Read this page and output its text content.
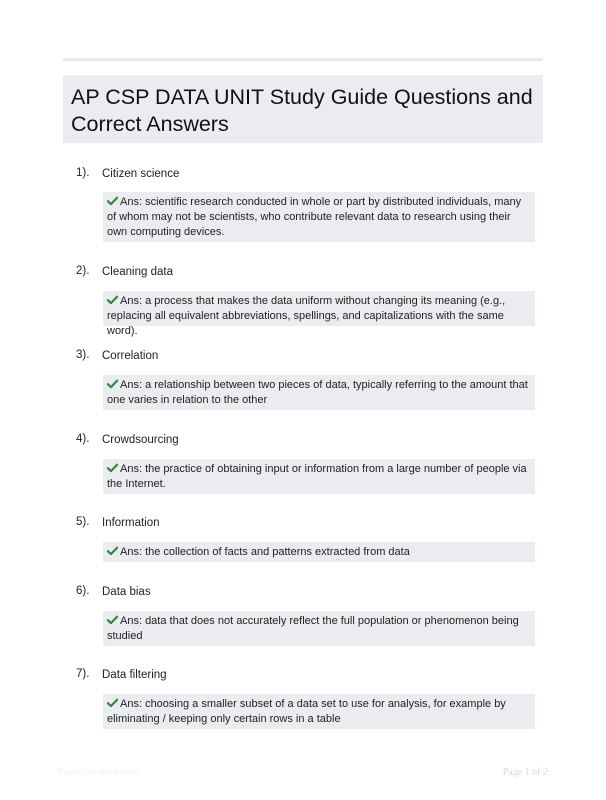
AP CSP DATA UNIT Study Guide Questions and Correct Answers
1). Citizen science
Ans: scientific research conducted in whole or part by distributed individuals, many of whom may not be scientists, who contribute relevant data to research using their own computing devices.
2). Cleaning data
Ans: a process that makes the data uniform without changing its meaning (e.g., replacing all equivalent abbreviations, spellings, and capitalizations with the same word).
3). Correlation
Ans: a relationship between two pieces of data, typically referring to the amount that one varies in relation to the other
4). Crowdsourcing
Ans: the practice of obtaining input or information from a large number of people via the Internet.
5). Information
Ans: the collection of facts and patterns extracted from data
6). Data bias
Ans: data that does not accurately reflect the full population or phenomenon being studied
7). Data filtering
Ans: choosing a smaller subset of a data set to use for analysis, for example by eliminating / keeping only certain rows in a table
PaperSolutions.com	Page 1 of 2
